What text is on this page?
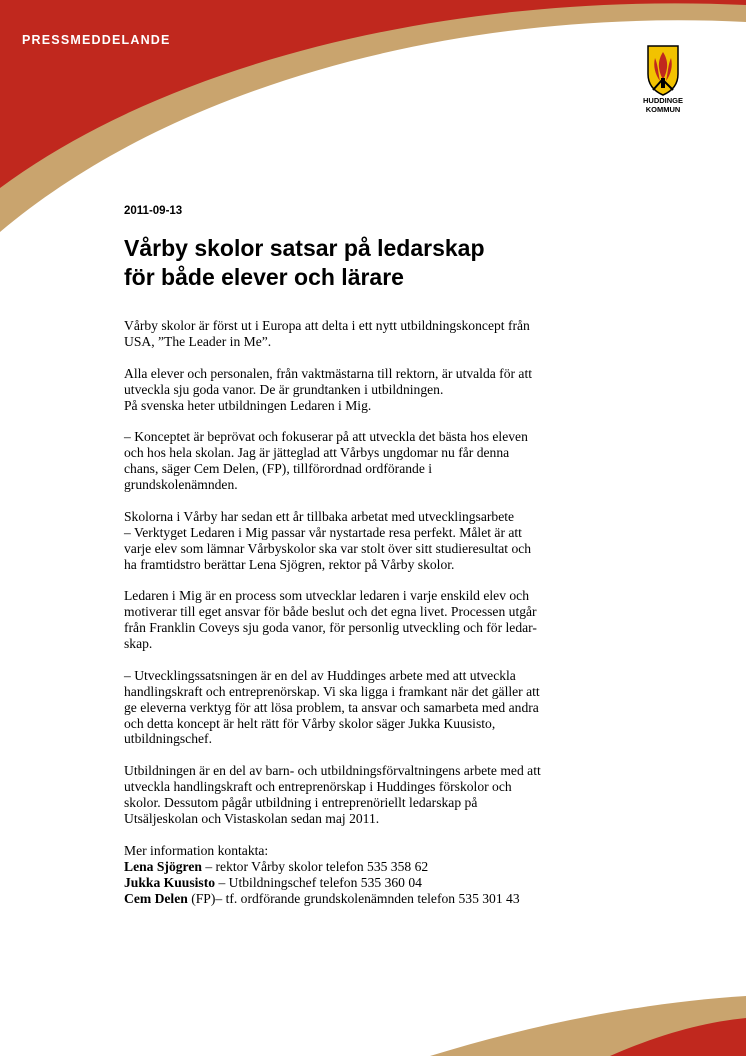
PRESSMEDDELANDE
HUDDINGE
KOMMUN

2011-09-13

Vårby skolor satsar på ledarskap
för både elever och lärare

Vårby skolor är först ut i Europa att delta i ett nytt utbildningskoncept från
USA, ”The Leader in Me”.

Alla elever och personalen, från vaktmästarna till rektorn, är utvalda för att
utveckla sju goda vanor. De är grundtanken i utbildningen.
På svenska heter utbildningen Ledaren i Mig.

– Konceptet är beprövat och fokuserar på att utveckla det bästa hos eleven
och hos hela skolan. Jag är jätteglad att Vårbys ungdomar nu får denna
chans, säger Cem Delen, (FP), tillförordnad ordförande i
grundskolenämnden.

Skolorna i Vårby har sedan ett år tillbaka arbetat med utvecklingsarbete
– Verktyget Ledaren i Mig passar vår nystartade resa perfekt. Målet är att
varje elev som lämnar Vårbyskolor ska var stolt över sitt studieresultat och
ha framtidstro berättar Lena Sjögren, rektor på Vårby skolor.

Ledaren i Mig är en process som utvecklar ledaren i varje enskild elev och
motiverar till eget ansvar för både beslut och det egna livet. Processen utgår
från Franklin Coveys sju goda vanor, för personlig utveckling och för ledar-
skap.

– Utvecklingssatsningen är en del av Huddinges arbete med att utveckla
handlingskraft och entreprenörskap. Vi ska ligga i framkant när det gäller att
ge eleverna verktyg för att lösa problem, ta ansvar och samarbeta med andra
och detta koncept är helt rätt för Vårby skolor säger Jukka Kuusisto,
utbildningschef.

Utbildningen är en del av barn- och utbildningsförvaltningens arbete med att
utveckla handlingskraft och entreprenörskap i Huddinges förskolor och
skolor. Dessutom pågår utbildning i entreprenöriellt ledarskap på
Utsäljeskolan och Vistaskolan sedan maj 2011.

Mer information kontakta:
Lena Sjögren – rektor Vårby skolor telefon 535 358 62
Jukka Kuusisto – Utbildningschef telefon 535 360 04
Cem Delen (FP)– tf. ordförande grundskolenämnden telefon 535 301 43
